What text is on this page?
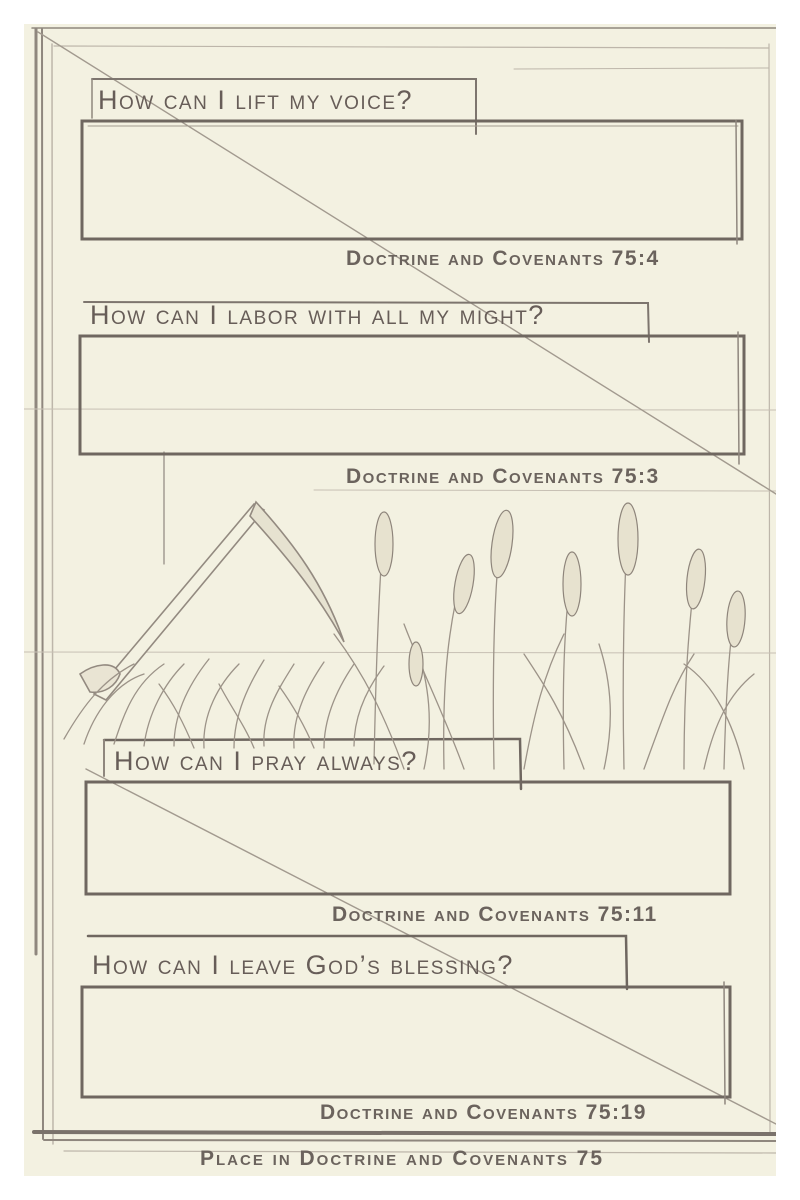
How can I lift my voice?
Doctrine and Covenants 75:4
How can I labor with all my might?
Doctrine and Covenants 75:3
How can I pray always?
Doctrine and Covenants 75:11
How can I leave God’s blessing?
Doctrine and Covenants 75:19
Place in Doctrine and Covenants 75
